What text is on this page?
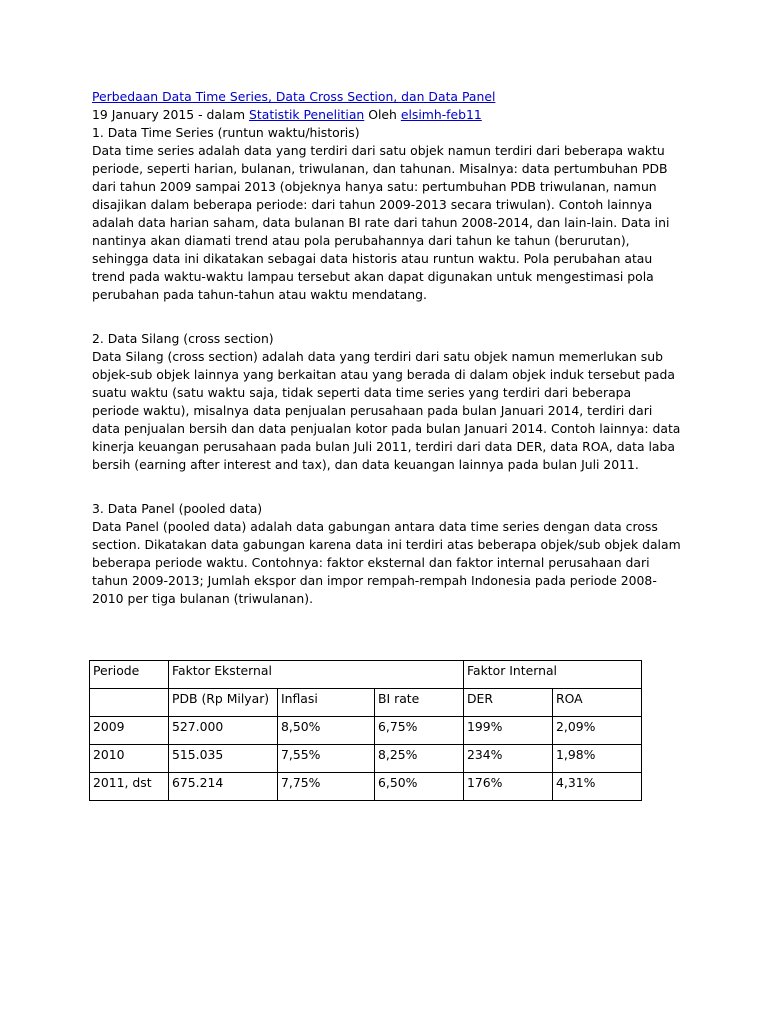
Perbedaan Data Time Series, Data Cross Section, dan Data Panel

19 January 2015 - dalam Statistik Penelitian Oleh elsimh-feb11

1. Data Time Series (runtun waktu/historis)

Data time series adalah data yang terdiri dari satu objek namun terdiri dari beberapa waktu periode, seperti harian, bulanan, triwulanan, dan tahunan. Misalnya: data pertumbuhan PDB dari tahun 2009 sampai 2013 (objeknya hanya satu: pertumbuhan PDB triwulanan, namun disajikan dalam beberapa periode: dari tahun 2009-2013 secara triwulan). Contoh lainnya adalah data harian saham, data bulanan BI rate dari tahun 2008-2014, dan lain-lain. Data ini nantinya akan diamati trend atau pola perubahannya dari tahun ke tahun (berurutan), sehingga data ini dikatakan sebagai data historis atau runtun waktu. Pola perubahan atau trend pada waktu-waktu lampau tersebut akan dapat digunakan untuk mengestimasi pola perubahan pada tahun-tahun atau waktu mendatang.

2. Data Silang (cross section)

Data Silang (cross section) adalah data yang terdiri dari satu objek namun memerlukan sub objek-sub objek lainnya yang berkaitan atau yang berada di dalam objek induk tersebut pada suatu waktu (satu waktu saja, tidak seperti data time series yang terdiri dari beberapa periode waktu), misalnya data penjualan perusahaan pada bulan Januari 2014, terdiri dari data penjualan bersih dan data penjualan kotor pada bulan Januari 2014. Contoh lainnya: data kinerja keuangan perusahaan pada bulan Juli 2011, terdiri dari data DER, data ROA, data laba bersih (earning after interest and tax), dan data keuangan lainnya pada bulan Juli 2011.

3. Data Panel (pooled data)

Data Panel (pooled data) adalah data gabungan antara data time series dengan data cross section. Dikatakan data gabungan karena data ini terdiri atas beberapa objek/sub objek dalam beberapa periode waktu. Contohnya: faktor eksternal dan faktor internal perusahaan dari tahun 2009-2013; Jumlah ekspor dan impor rempah-rempah Indonesia pada periode 2008-2010 per tiga bulanan (triwulanan).

Periode	Faktor Eksternal			Faktor Internal	
	PDB (Rp Milyar)	Inflasi	BI rate	DER	ROA
2009	527.000	8,50%	6,75%	199%	2,09%
2010	515.035	7,55%	8,25%	234%	1,98%
2011, dst	675.214	7,75%	6,50%	176%	4,31%
